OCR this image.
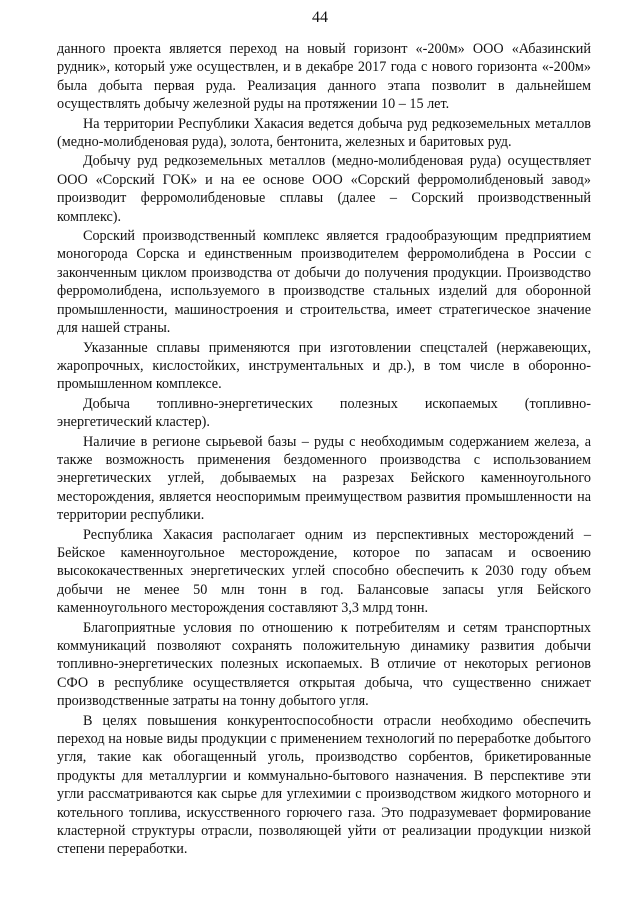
44

данного проекта является переход на новый горизонт «-200м» ООО «Абазинский рудник», который уже осуществлен, и в декабре 2017 года с нового горизонта «-200м» была добыта первая руда. Реализация данного этапа позволит в дальнейшем осуществлять добычу железной руды на протяжении 10 – 15 лет.

На территории Республики Хакасия ведется добыча руд редкоземельных металлов (медно-молибденовая руда), золота, бентонита, железных и баритовых руд.

Добычу руд редкоземельных металлов (медно-молибденовая руда) осуществляет ООО «Сорский ГОК» и на ее основе ООО «Сорский ферромолибденовый завод» производит ферромолибденовые сплавы (далее – Сорский производственный комплекс).

Сорский производственный комплекс является градообразующим предприятием моногорода Сорска и единственным производителем ферромолибдена в России с законченным циклом производства от добычи до получения продукции. Производство ферромолибдена, используемого в производстве стальных изделий для оборонной промышленности, машиностроения и строительства, имеет стратегическое значение для нашей страны.

Указанные сплавы применяются при изготовлении спецсталей (нержавеющих, жаропрочных, кислостойких, инструментальных и др.), в том числе в оборонно-промышленном комплексе.

Добыча топливно-энергетических полезных ископаемых (топливно-энергетический кластер).

Наличие в регионе сырьевой базы – руды с необходимым содержанием железа, а также возможность применения бездоменного производства с использованием энергетических углей, добываемых на разрезах Бейского каменноугольного месторождения, является неоспоримым преимуществом развития промышленности на территории республики.

Республика Хакасия располагает одним из перспективных месторождений – Бейское каменноугольное месторождение, которое по запасам и освоению высококачественных энергетических углей способно обеспечить к 2030 году объем добычи не менее 50 млн тонн в год. Балансовые запасы угля Бейского каменноугольного месторождения составляют 3,3 млрд тонн.

Благоприятные условия по отношению к потребителям и сетям транспортных коммуникаций позволяют сохранять положительную динамику развития добычи топливно-энергетических полезных ископаемых. В отличие от некоторых регионов СФО в республике осуществляется открытая добыча, что существенно снижает производственные затраты на тонну добытого угля.

В целях повышения конкурентоспособности отрасли необходимо обеспечить переход на новые виды продукции с применением технологий по переработке добытого угля, такие как обогащенный уголь, производство сорбентов, брикетированные продукты для металлургии и коммунально-бытового назначения. В перспективе эти угли рассматриваются как сырье для углехимии с производством жидкого моторного и котельного топлива, искусственного горючего газа. Это подразумевает формирование кластерной структуры отрасли, позволяющей уйти от реализации продукции низкой степени переработки.
